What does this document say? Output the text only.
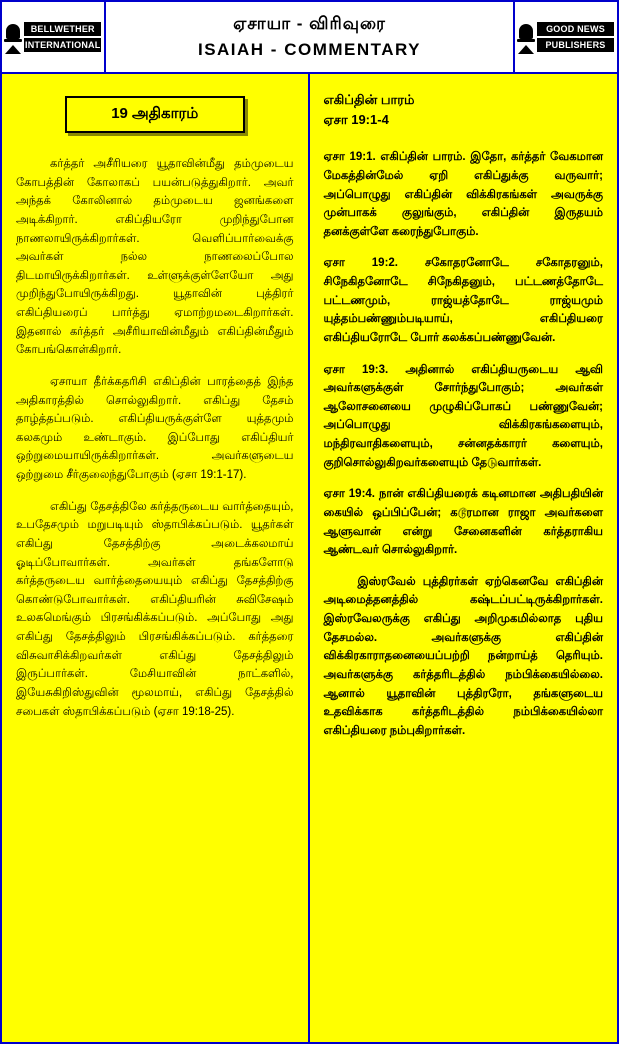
BELLWETHER
INTERNATIONAL
ஏசாயா - விரிவுரை
ISAIAH - COMMENTARY
GOOD NEWS
PUBLISHERS
19 அதிகாரம்

கர்த்தர் அசீரியரை யூதாவின்மீது தம்முடைய கோபத்தின் கோலாகப் பயன்படுத்துகிறார். அவர் அந்தக் கோலினால் தம்முடைய ஜனங்களை அடிக்கிறார். எகிப்தியரோ முறிந்துபோன நாணலாயிருக்கிறார்கள். வெளிப்பார்வைக்கு அவர்கள் நல்ல நாணலைப்போல திடமாயிருக்கிறார்கள். உள்ளுக்குள்ளேயோ அது முறிந்துபோயிருக்கிறது. யூதாவின் புத்திரர் எகிப்தியரைப் பார்த்து ஏமாற்றமடைகிறார்கள். இதனால் கர்த்தர் அசீரியாவின்மீதும் எகிப்தின்மீதும் கோபங்கொள்கிறார்.

ஏசாயா தீர்க்கதரிசி எகிப்தின் பாரத்தைத் இந்த அதிகாரத்தில் சொல்லுகிறார். எகிப்து தேசம் தாழ்த்தப்படும். எகிப்தியருக்குள்ளே யுத்தமும் கலகமும் உண்டாகும். இப்போது எகிப்தியர் ஒற்றுமையாயிருக்கிறார்கள். அவர்களுடைய ஒற்றுமை சீர்குலைந்துபோகும் (ஏசா 19:1-17).

எகிப்து தேசத்திலே கர்த்தருடைய வார்த்தையும், உபதேசமும் மறுபடியும் ஸ்தாபிக்கப்படும். யூதர்கள் எகிப்து தேசத்திற்கு அடைக்கலமாய் ஓடிப்போவார்கள். அவர்கள் தங்களோடு கர்த்தருடைய வார்த்தையையும் எகிப்து தேசத்திற்கு கொண்டுபோவார்கள். எகிப்தியரின் சுவிசேஷம் உலகமெங்கும் பிரசங்கிக்கப்படும். அப்போது அது எகிப்து தேசத்திலும் பிரசங்கிக்கப்படும். கர்த்தரை விசுவாசிக்கிறவர்கள் எகிப்து தேசத்திலும் இருப்பார்கள். மேசியாவின் நாட்களில், இயேசுகிறிஸ்துவின் மூலமாய், எகிப்து தேசத்தில் சபைகள் ஸ்தாபிக்கப்படும் (ஏசா 19:18-25).

எகிப்தின் பாரம்
ஏசா 19:1-4

ஏசா 19:1. எகிப்தின் பாரம். இதோ, கர்த்தர் வேகமான மேகத்தின்மேல் ஏறி எகிப்துக்கு வருவார்; அப்பொழுது எகிப்தின் விக்கிரகங்கள் அவருக்கு முன்பாகக் குலுங்கும், எகிப்தின் இருதயம் தனக்குள்ளே கரைந்துபோகும்.

ஏசா 19:2. சகோதரனோடே சகோதரனும், சிநேகிதனோடே சிநேகிதனும், பட்டணத்தோடே பட்டணமும், ராஜ்யத்தோடே ராஜ்யமும் யுத்தம்பண்ணும்படியாய், எகிப்தியரை எகிப்தியரோடே போர் கலக்கப்பண்ணுவேன்.

ஏசா 19:3. அதினால் எகிப்தியருடைய ஆவி அவர்களுக்குள் சோர்ந்துபோகும்; அவர்கள் ஆலோசனையை முழுகிப்போகப் பண்ணுவேன்; அப்பொழுது விக்கிரகங்களையும், மந்திரவாதிகளையும், சன்னதக்காரர் களையும், குறிசொல்லுகிறவர்களையும் தேடுவார்கள்.

ஏசா 19:4. நான் எகிப்தியரைக் கடினமான அதிபதியின் கையில் ஒப்பிப்பேன்; கடூரமான ராஜா அவர்களை ஆளுவான் என்று சேனைகளின் கர்த்தராகிய ஆண்டவர் சொல்லுகிறார்.

இஸ்ரவேல் புத்திரர்கள் ஏற்கெனவே எகிப்தின் அடிமைத்தனத்தில் கஷ்டப்பட்டிருக்கிறார்கள். இஸ்ரவேலருக்கு எகிப்து அறிமுகமில்லாத புதிய தேசமல்ல. அவர்களுக்கு எகிப்தின் விக்கிரகாராதனையைப்பற்றி நன்றாய்த் தெரியும். அவர்களுக்கு கர்த்தரிடத்தில் நம்பிக்கையில்லை. ஆனால் யூதாவின் புத்திரரோ, தங்களுடைய உதவிக்காக கர்த்தரிடத்தில் நம்பிக்கையில்லா எகிப்தியரை நம்புகிறார்கள்.
